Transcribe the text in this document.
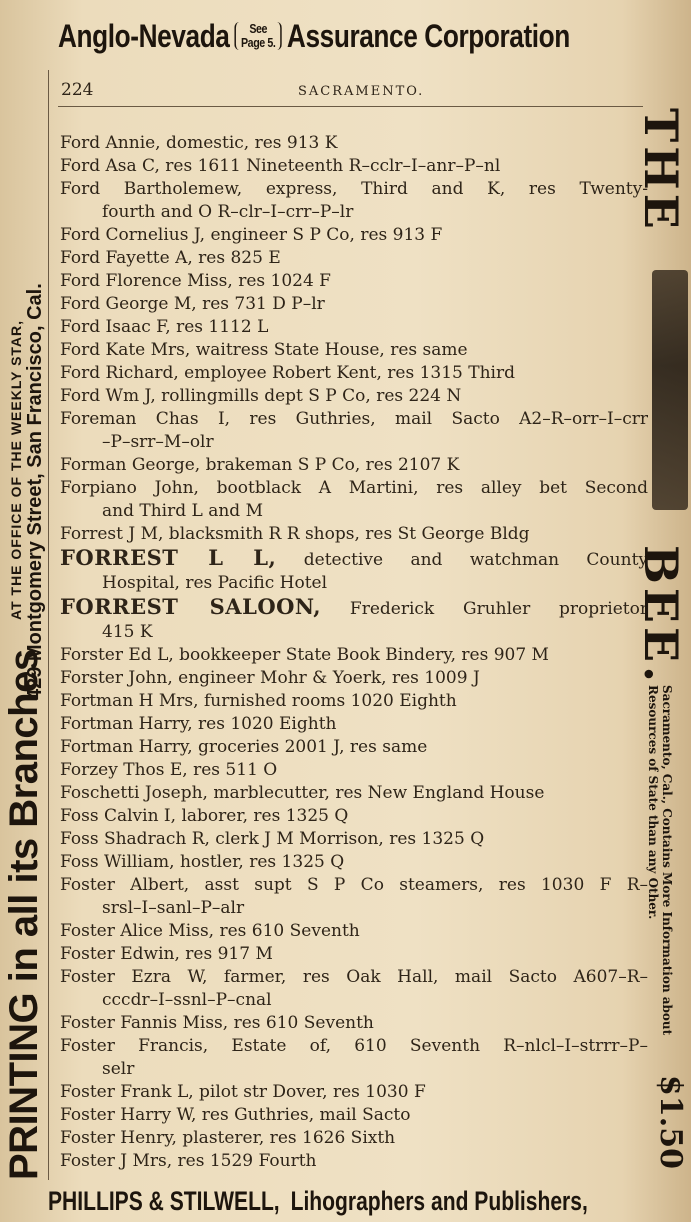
Anglo-Nevada See
Page 5. Assurance Corporation
AT THE OFFICE OF THE WEEKLY STAR, 429 Montgomery Street, San Francisco, Cal.
PRINTING in all its Branches
224	SACRAMENTO.
Ford Annie, domestic, res 913 K
Ford Asa C, res 1611 Nineteenth R–cclr–I–anr–P–nl
Ford Bartholemew, express, Third and K, res Twenty-
fourth and O R–clr–I–crr–P–lr
Ford Cornelius J, engineer S P Co, res 913 F
Ford Fayette A, res 825 E
Ford Florence Miss, res 1024 F
Ford George M, res 731 D P–lr
Ford Isaac F, res 1112 L
Ford Kate Mrs, waitress State House, res same
Ford Richard, employee Robert Kent, res 1315 Third
Ford Wm J, rollingmills dept S P Co, res 224 N
Foreman Chas I, res Guthries, mail Sacto A2–R–orr–I–crr
–P–srr–M–olr
Forman George, brakeman S P Co, res 2107 K
Forpiano John, bootblack A Martini, res alley bet Second
and Third L and M
Forrest J M, blacksmith R R shops, res St George Bldg
FORREST L L, detective and watchman County
Hospital, res Pacific Hotel
FORREST SALOON, Frederick Gruhler proprietor
415 K
Forster Ed L, bookkeeper State Book Bindery, res 907 M
Forster John, engineer Mohr & Yoerk, res 1009 J
Fortman H Mrs, furnished rooms 1020 Eighth
Fortman Harry, res 1020 Eighth
Fortman Harry, groceries 2001 J, res same
Forzey Thos E, res 511 O
Foschetti Joseph, marblecutter, res New England House
Foss Calvin I, laborer, res 1325 Q
Foss Shadrach R, clerk J M Morrison, res 1325 Q
Foss William, hostler, res 1325 Q
Foster Albert, asst supt S P Co steamers, res 1030 F R–
srsl–I–sanl–P–alr
Foster Alice Miss, res 610 Seventh
Foster Edwin, res 917 M
Foster Ezra W, farmer, res Oak Hall, mail Sacto A607–R–
cccdr–I–ssnl–P–cnal
Foster Fannis Miss, res 610 Seventh
Foster Francis, Estate of, 610 Seventh R–nlcl–I–strrr–P–
selr
Foster Frank L, pilot str Dover, res 1030 F
Foster Harry W, res Guthries, mail Sacto
Foster Henry, plasterer, res 1626 Sixth
Foster J Mrs, res 1529 Fourth
THE
BEE.
Sacramento, Cal., Contains More Information about Resources of State than any Other.
$1.50
PHILLIPS & STILWELL, Lihographers and Publishers,
